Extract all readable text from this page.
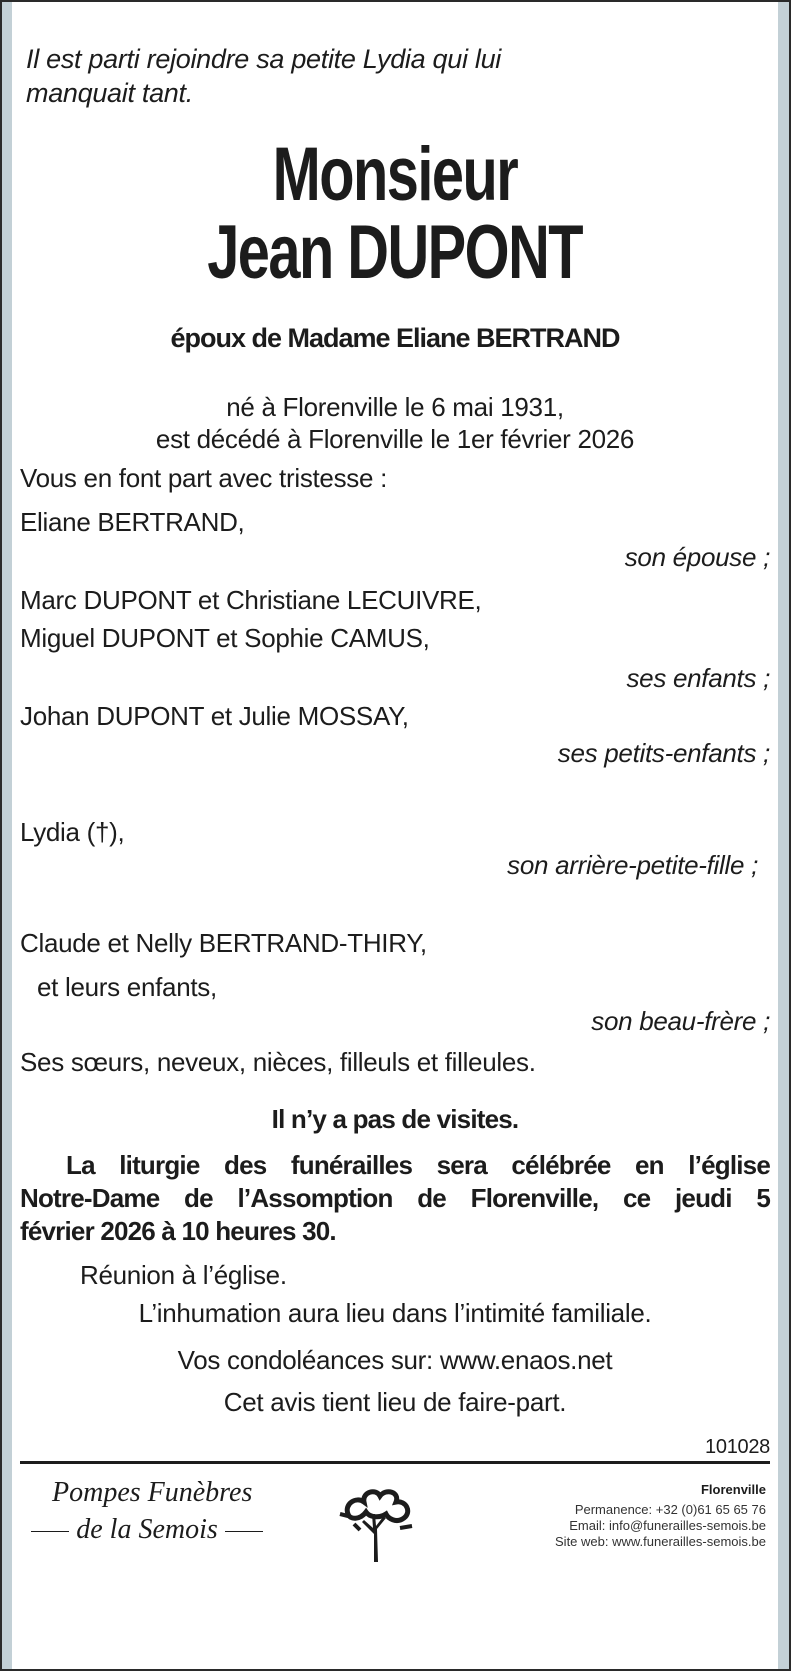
Il est parti rejoindre sa petite Lydia qui lui
manquait tant.
Monsieur
Jean DUPONT
époux de Madame Eliane BERTRAND
né à Florenville le 6 mai 1931,
est décédé à Florenville le 1er février 2026
Vous en font part avec tristesse :
Eliane BERTRAND,
son épouse ;
Marc DUPONT et Christiane LECUIVRE,
Miguel DUPONT et Sophie CAMUS,
ses enfants ;
Johan DUPONT et Julie MOSSAY,
ses petits-enfants ;
Lydia (†),
son arrière-petite-fille ;
Claude et Nelly BERTRAND-THIRY,
et leurs enfants,
son beau-frère ;
Ses sœurs, neveux, nièces, filleuls et filleules.
Il n’y a pas de visites.
La liturgie des funérailles sera célébrée en l’église
Notre-Dame de l’Assomption de Florenville, ce jeudi 5
février 2026 à 10 heures 30.
Réunion à l’église.
L’inhumation aura lieu dans l’intimité familiale.
Vos condoléances sur: www.enaos.net
Cet avis tient lieu de faire-part.
101028
Pompes Funèbres
de la Semois
Florenville
Permanence: +32 (0)61 65 65 76
Email: info@funerailles-semois.be
Site web: www.funerailles-semois.be
